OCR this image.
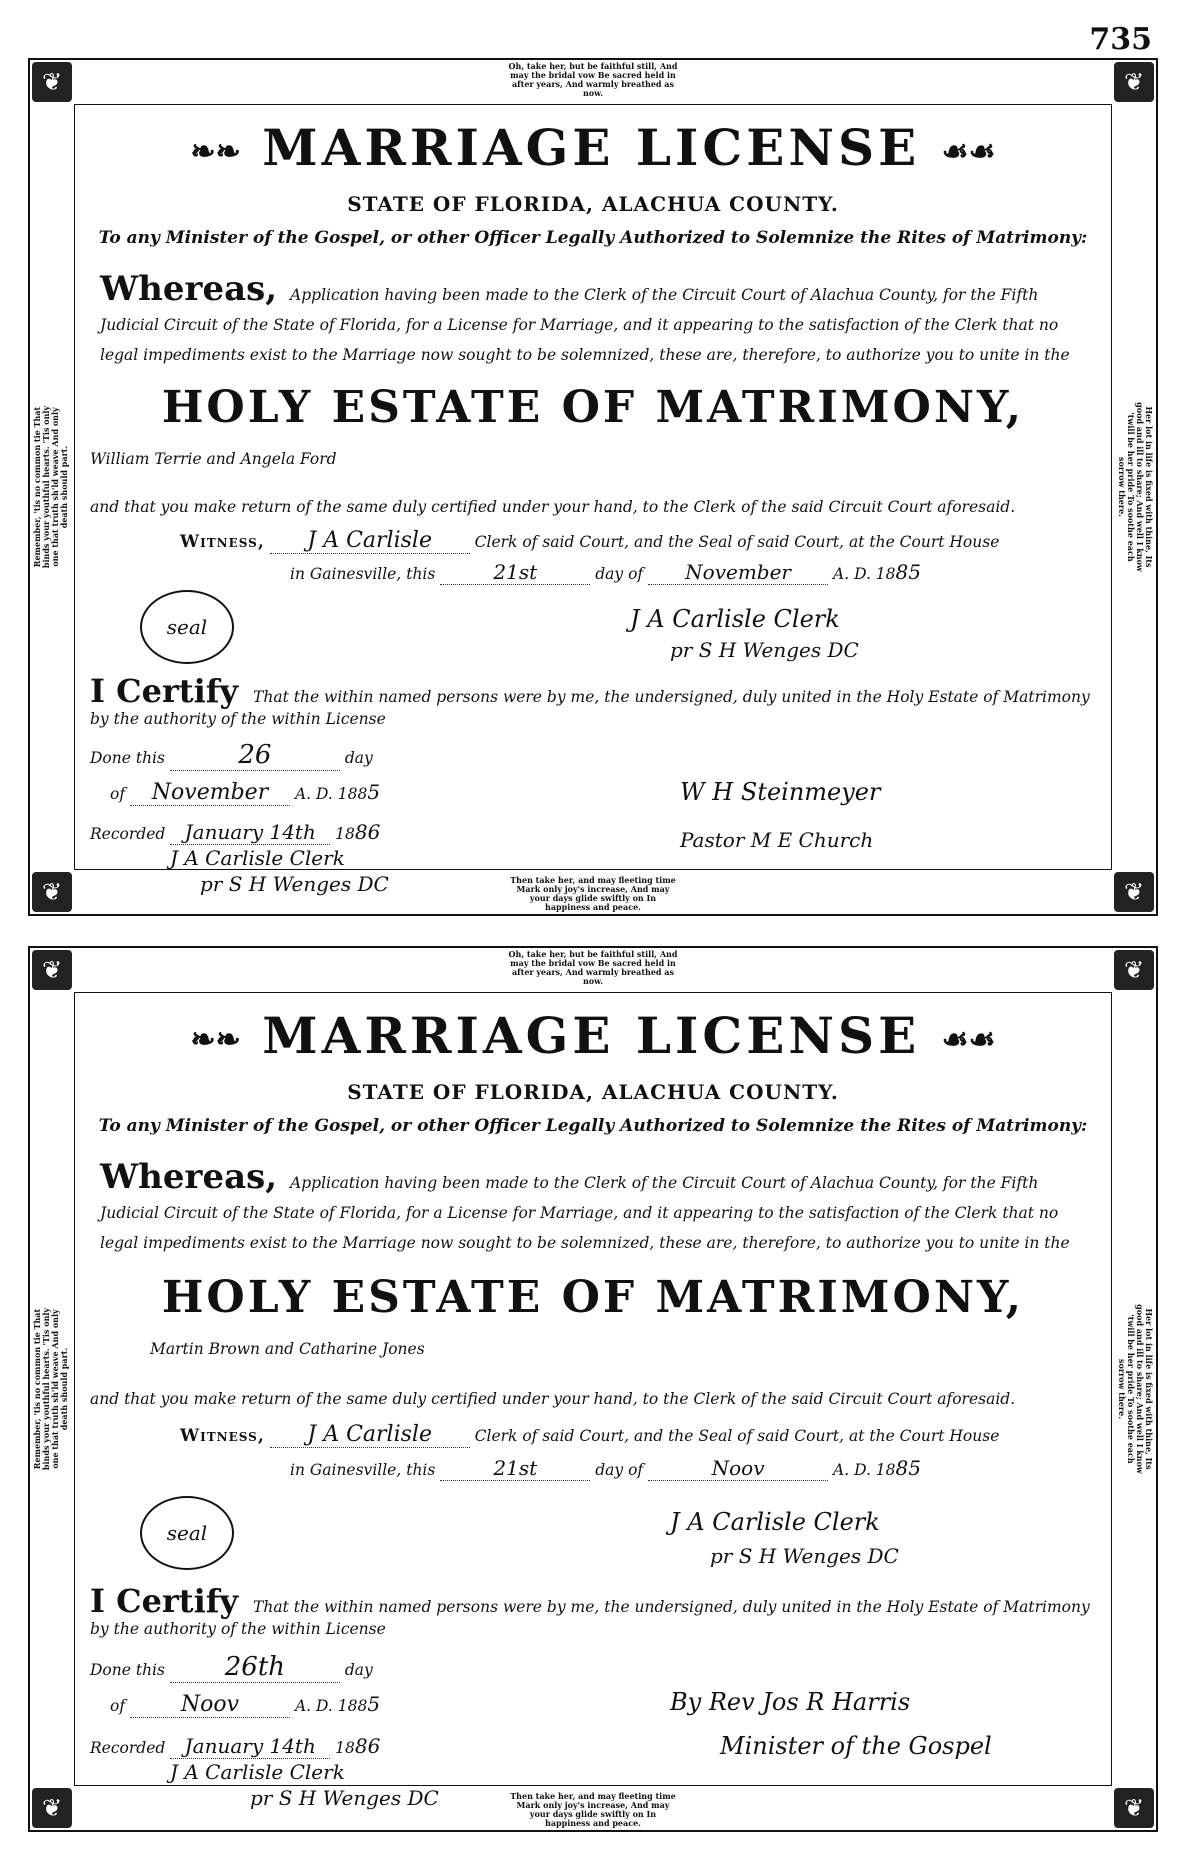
735
❦	❦
❦	❦
Oh, take her, but be faithful still, And may the bridal vow Be sacred held in after years, And warmly breathed as now.
Then take her, and may fleeting time Mark only joy's increase, And may your days glide swiftly on In happiness and peace.
Remember, 'tis no common tie That binds your youthful hearts. 'Tis only one that truth sh'ld weave And only death should part.	Her lot in life is fixed with thine, Its good and ill to share; And well I know 'twill be her pride To soothe each sorrow there.
❧❧ MARRIAGE LICENSE ☙☙
STATE OF FLORIDA, ALACHUA COUNTY.
To any Minister of the Gospel, or other Officer Legally Authorized to Solemnize the Rites of Matrimony:
Whereas, Application having been made to the Clerk of the Circuit Court of Alachua County, for the Fifth Judicial Circuit of the State of Florida, for a License for Marriage, and it appearing to the satisfaction of the Clerk that no legal impediments exist to the Marriage now sought to be solemnized, these are, therefore, to authorize you to unite in the
HOLY ESTATE OF MATRIMONY,
William Terrie and Angela Ford
and that you make return of the same duly certified under your hand, to the Clerk of the said Circuit Court aforesaid.
Witness, J A Carlisle	Clerk of said Court, and the Seal of said Court, at the Court House
in Gainesville, this	21st	day of November	A. D. 1885
seal	J A Carlisle Clerk
pr S H Wenges DC
I Certify That the within named persons were by me, the undersigned, duly united in the Holy Estate of Matrimony by the authority of the within License
Done this	26	day
of November A. D. 1885
Recorded January 14th 1886
J A Carlisle Clerk
pr S H Wenges DC
W H Steinmeyer
Pastor M E Church
❦	❦
❦	❦
Oh, take her, but be faithful still, And may the bridal vow Be sacred held in after years, And warmly breathed as now.
Then take her, and may fleeting time Mark only joy's increase, And may your days glide swiftly on In happiness and peace.
Remember, 'tis no common tie That binds your youthful hearts. 'Tis only one that truth sh'ld weave And only death should part.	Her lot in life is fixed with thine, Its good and ill to share; And well I know 'twill be her pride To soothe each sorrow there.
❧❧ MARRIAGE LICENSE ☙☙
STATE OF FLORIDA, ALACHUA COUNTY.
To any Minister of the Gospel, or other Officer Legally Authorized to Solemnize the Rites of Matrimony:
Whereas, Application having been made to the Clerk of the Circuit Court of Alachua County, for the Fifth Judicial Circuit of the State of Florida, for a License for Marriage, and it appearing to the satisfaction of the Clerk that no legal impediments exist to the Marriage now sought to be solemnized, these are, therefore, to authorize you to unite in the
HOLY ESTATE OF MATRIMONY,
Martin Brown and Catharine Jones
and that you make return of the same duly certified under your hand, to the Clerk of the said Circuit Court aforesaid.
Witness, J A Carlisle	Clerk of said Court, and the Seal of said Court, at the Court House
in Gainesville, this	21st	day of	Noov	A. D. 1885
seal	J A Carlisle Clerk
pr S H Wenges DC
I Certify That the within named persons were by me, the undersigned, duly united in the Holy Estate of Matrimony by the authority of the within License
Done this 26th	day
of	Noov	A. D. 1885
Recorded January 14th 1886
J A Carlisle Clerk
pr S H Wenges DC
By Rev Jos R Harris
Minister of the Gospel
